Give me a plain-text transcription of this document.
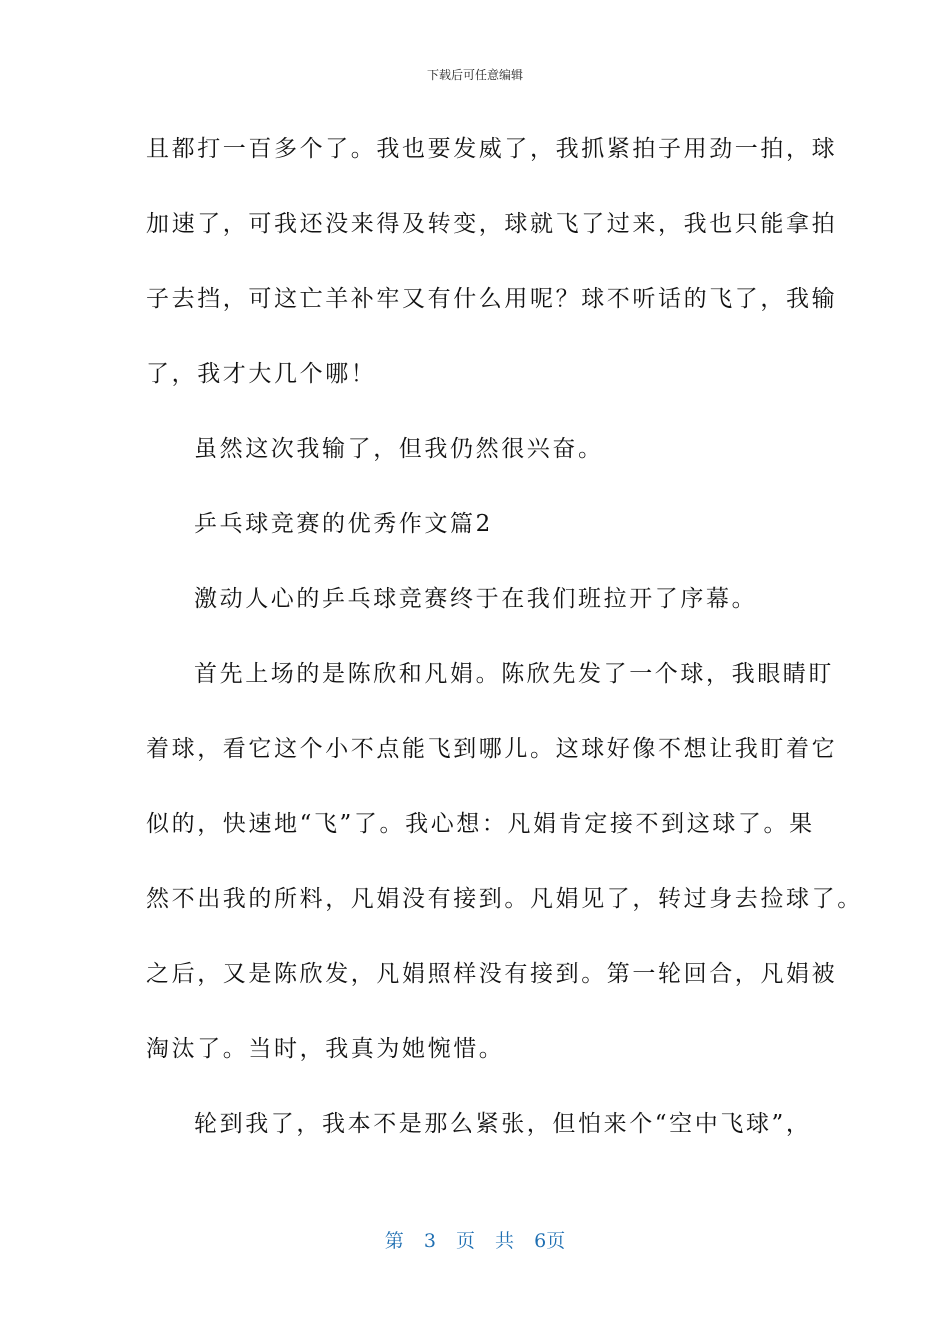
下载后可任意编辑
且都打一百多个了。我也要发威了，我抓紧拍子用劲一拍，球
加速了，可我还没来得及转变，球就飞了过来，我也只能拿拍
子去挡，可这亡羊补牢又有什么用呢？球不听话的飞了，我输
了，我才大几个哪！
虽然这次我输了，但我仍然很兴奋。
乒乓球竞赛的优秀作文篇2
激动人心的乒乓球竞赛终于在我们班拉开了序幕。
首先上场的是陈欣和凡娟。陈欣先发了一个球，我眼睛盯
着球，看它这个小不点能飞到哪儿。这球好像不想让我盯着它
似的，快速地“飞”了。我心想：凡娟肯定接不到这球了。果
然不出我的所料，凡娟没有接到。凡娟见了，转过身去捡球了。
之后，又是陈欣发，凡娟照样没有接到。第一轮回合，凡娟被
淘汰了。当时，我真为她惋惜。
轮到我了，我本不是那么紧张，但怕来个“空中飞球”，
第 3 页 共 6页
